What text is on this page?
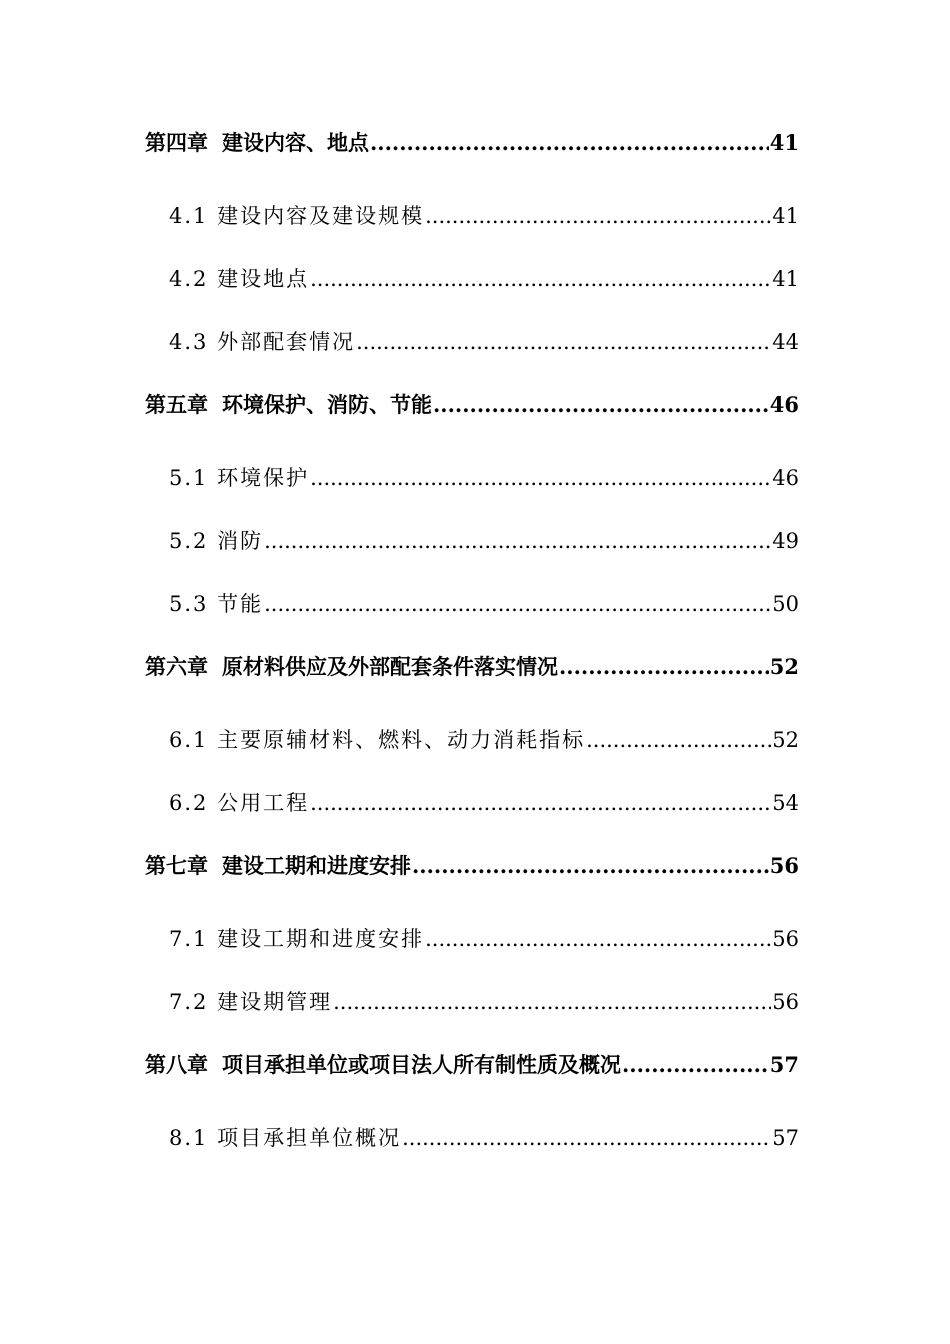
第四章 建设内容、地点 .....	41
4.1 建设内容及建设规模 .....	41
4.2 建设地点 .....	41
4.3 外部配套情况 .....	44
第五章 环境保护、消防、节能 .....	46
5.1 环境保护 .....	46
5.2 消防 .....	49
5.3 节能 .....	50
第六章 原材料供应及外部配套条件落实情况 .....	52
6.1 主要原辅材料、燃料、动力消耗指标 .....	52
6.2 公用工程 .....	54
第七章 建设工期和进度安排 .....	56
7.1 建设工期和进度安排 .....	56
7.2 建设期管理 .....	56
第八章 项目承担单位或项目法人所有制性质及概况 .....	57
8.1 项目承担单位概况 .....	57
